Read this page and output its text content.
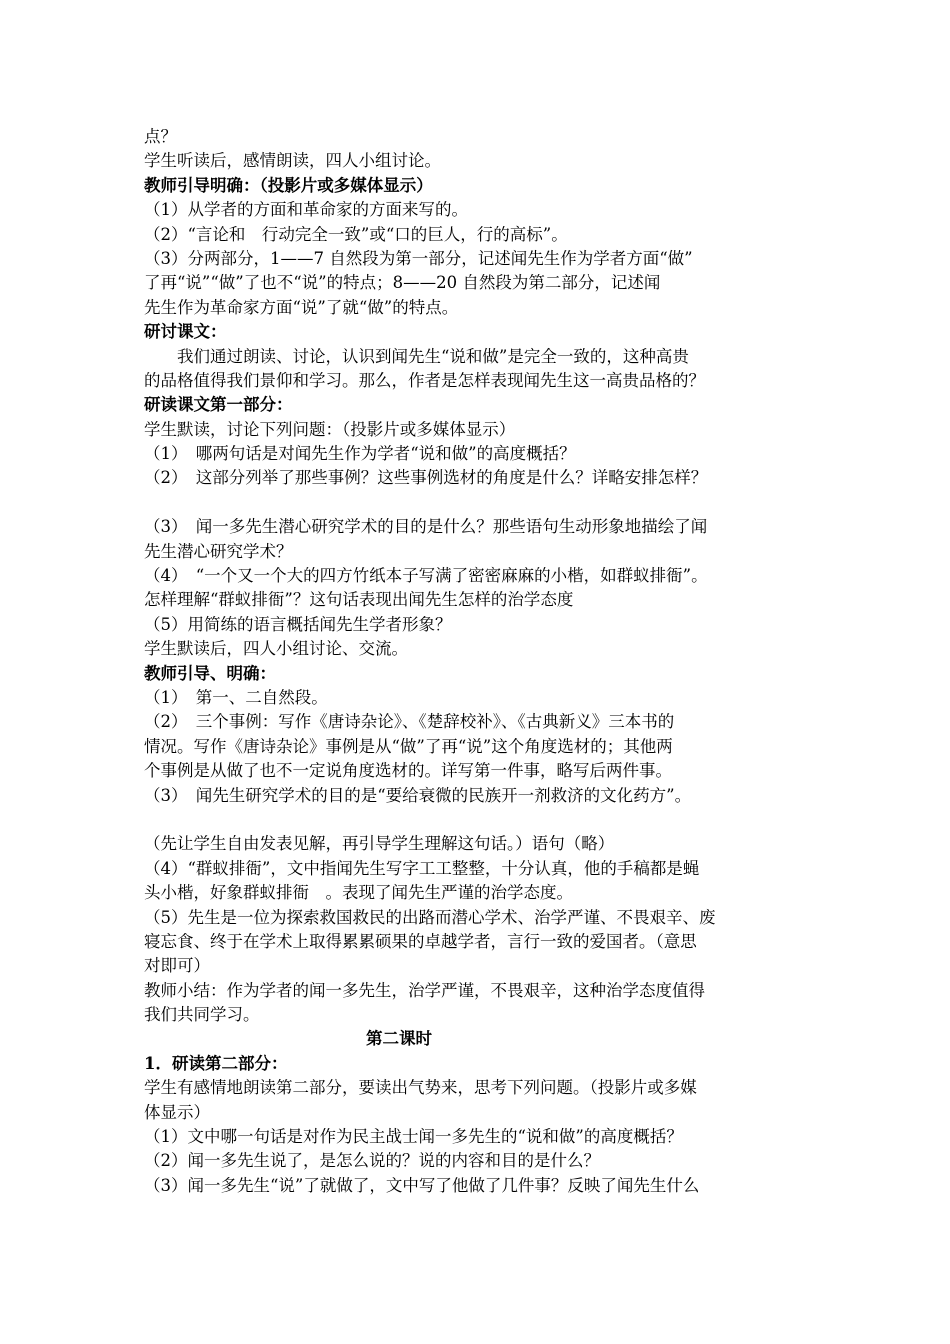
点？
学生听读后，感情朗读，四人小组讨论。
教师引导明确：（投影片或多媒体显示）
（1）从学者的方面和革命家的方面来写的。
（2）“言论和　行动完全一致”或“口的巨人，行的高标”。
（3）分两部分，1——7 自然段为第一部分，记述闻先生作为学者方面“做”
了再“说”“做”了也不“说”的特点；8——20 自然段为第二部分，记述闻
先生作为革命家方面“说”了就“做”的特点。
研讨课文：
　　我们通过朗读、讨论，认识到闻先生“说和做”是完全一致的，这种高贵
的品格值得我们景仰和学习。那么，作者是怎样表现闻先生这一高贵品格的？
研读课文第一部分：
学生默读，讨论下列问题：（投影片或多媒体显示）
（1）　哪两句话是对闻先生作为学者“说和做”的高度概括？
（2）　这部分列举了那些事例？这些事例选材的角度是什么？详略安排怎样？
（3）　闻一多先生潜心研究学术的目的是什么？那些语句生动形象地描绘了闻
先生潜心研究学术？
（4）　“一个又一个大的四方竹纸本子写满了密密麻麻的小楷，如群蚁排衙”。
怎样理解“群蚁排衙”？这句话表现出闻先生怎样的治学态度
（5）用简练的语言概括闻先生学者形象？
学生默读后，四人小组讨论、交流。
教师引导、明确：
（1）　第一、二自然段。
（2）　三个事例：写作《唐诗杂论》、《楚辞校补》、《古典新义》三本书的
情况。写作《唐诗杂论》事例是从“做”了再“说”这个角度选材的；其他两
个事例是从做了也不一定说角度选材的。详写第一件事，略写后两件事。
（3）　闻先生研究学术的目的是“要给衰微的民族开一剂救济的文化药方”。
（先让学生自由发表见解，再引导学生理解这句话。）语句（略）
（4）“群蚁排衙”，文中指闻先生写字工工整整，十分认真，他的手稿都是蝇
头小楷，好象群蚁排衙　。表现了闻先生严谨的治学态度。
（5）先生是一位为探索救国救民的出路而潜心学术、治学严谨、不畏艰辛、废
寝忘食、终于在学术上取得累累硕果的卓越学者，言行一致的爱国者。（意思
对即可）
教师小结：作为学者的闻一多先生，治学严谨，不畏艰辛，这种治学态度值得
我们共同学习。
第二课时
1．研读第二部分：
学生有感情地朗读第二部分，要读出气势来，思考下列问题。（投影片或多媒
体显示）
（1）文中哪一句话是对作为民主战士闻一多先生的“说和做”的高度概括？
（2）闻一多先生说了，是怎么说的？说的内容和目的是什么？
（3）闻一多先生“说”了就做了，文中写了他做了几件事？反映了闻先生什么
